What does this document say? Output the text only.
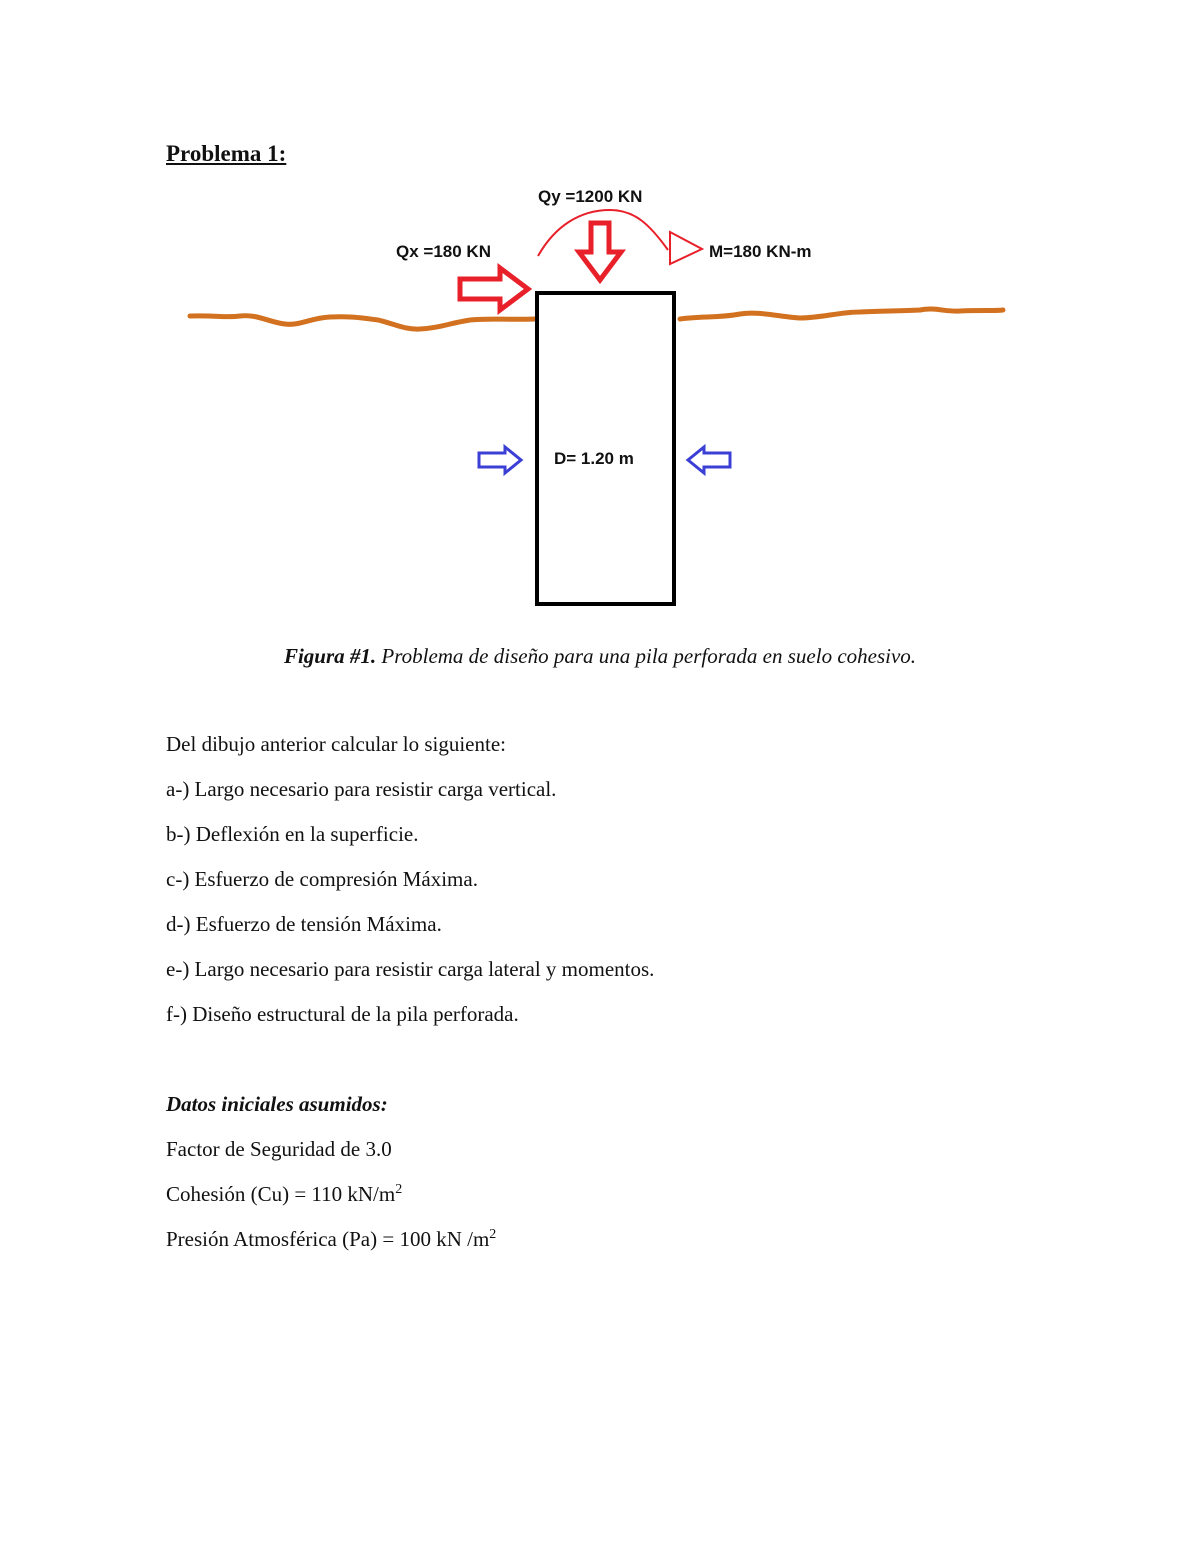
Problema 1:
Qy =1200 KN
Qx =180 KN	M=180 KN-m
D= 1.20 m
Figura #1. Problema de diseño para una pila perforada en suelo cohesivo.
Del dibujo anterior calcular lo siguiente:
a-) Largo necesario para resistir carga vertical.
b-) Deflexión en la superficie.
c-) Esfuerzo de compresión Máxima.
d-) Esfuerzo de tensión Máxima.
e-) Largo necesario para resistir carga lateral y momentos.
f-) Diseño estructural de la pila perforada.
Datos iniciales asumidos:
Factor de Seguridad de 3.0
Cohesión (Cu) = 110 $kN/m^2$
Presión Atmosférica (Pa) = 100 kN $/m^2$
